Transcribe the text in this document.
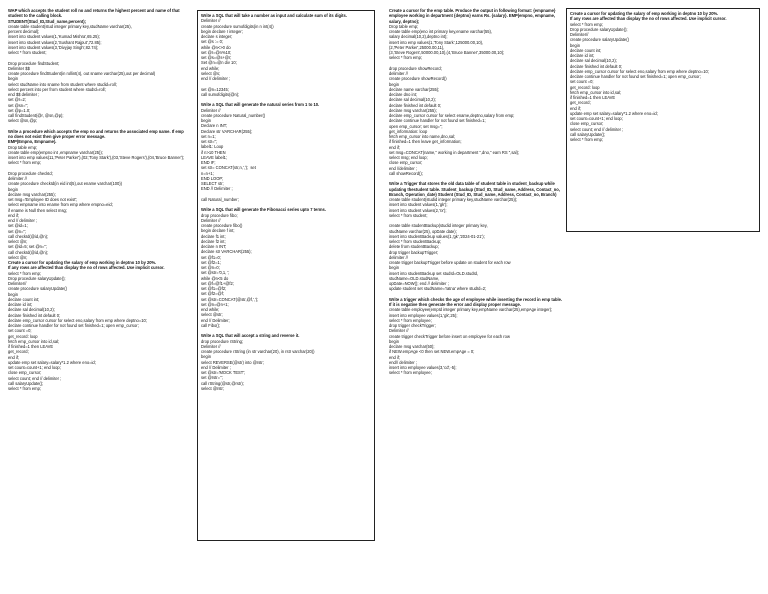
WAP which accepts the student roll no and returns the highest percent and name of that student to the calling block.

STUDENT(Stud_ID,Stud_name,percent);

create table student(stud integer primary key,studName varchar(25),

percent decimal);

insert into student values(1,'Kumad Mishra',65.25);

insert into student values(2,'Sushant Rajput',72.85);

insert into student values(3,'Divyjay Singh',82.74);

select * from student;

Drop procedure findStudent;

Delimiter $$

create procedure findStudent(in rollint(4), out sname varchar(25),out per decimal)

begin

select studName into sname from student where studid=roll;

select percent into per from student where studId=roll;

end $$ delimiter ;

set @r=2;

set @sn='';

set @p=1.0;

call findStudent(@r, @sn,@p);

select @sn,@p;

Write a procedure which accepts the emp no and returns the associated emp name. If emp no does not exist then give proper error message.

EMP(Empno, Empname).

Drop table emp;

create table emp(empno int ,empname varchar(25));

insert into emp values(11,'Peter Parker'),(02,'Tony Stark'),(03,'Steve Rogers'),(04,'Bruce Banner');

select * from emp;

Drop procedure checkId;

delimiter //

create procedure checkId(in eid int(5),out ename varchar(100))

begin

declare msg varchar(255);

set msg='Employee ID does not exist';

select empname into ename from emp where empno=eid;

if ename is Null then select msg;

end if;

end // delimiter ;

set @id=1;

set @n='';

call checkId(@id,@n);

select @n;

set @id=5; set @n='';

call checkId(@id,@n);

select @n;

Create a cursor for updating the salary of emp working in deptno 10 by 20%.

If any rows are affected than display the no of rows affected. Use implicit cursor.

select * from emp;

Drop procedure salaryUpdate();

Delimiter//

create procedure salaryUpdate()

begin

declare count int;

declare id int;

declare sal decimal(10,2);

declare finished int default 0;

declare emp_cursor cursor for select eno,salary from emp where deptno=10;

declare continue handler for not found set finished=1; open emp_cursor;

set count =0;

get_record: loop

fetch emp_cursor into id,sal;

if finished=1 then LEAVE

get_record;

end if;

update emp set salary=salary*1.2 where eno=id;

set count=count+1; end loop;

close emp_cursor;

select count; end // delimiter ;

call salaryUpdate();

select * from emp;

Write a SQL that will take a number as input and calculate sum of its digits.

Delimiter //

create procedure sumofdigits(in n int(4))

begin declare r integer;

declare s integer;

set @s := 0;

while @n<>0 do

set @r=@n%10;

set @s=@s+@r;

Set @n=@n div 10;

end while;

select @s;

end // delimiter ;

set @n=12345;

call sumofdigits(@n);

Write a SQL that will generate the natural series from 1 to 10.

Delimiter //

create procedure Natural_number()

begin

Declare n INT;

Declare str VARCHAR(255);

set n=1;

set str='';

label1: Loop

if n>10 THEN

LEAVE label1;

END IF;

set str= CONCAT(str,n,',');  set

n=n+1;

END LOOP;

SELECT str;

END // Delimiter ;

call Natural_number;

Write a SQL that will generate the Fibonacci series upto 7 terms.

drop procedure fibo;

Delimiter //

create procedure fibo()

begin declare f int;

declare f1 int;

declare f2 int;

declare n INT;

declare str VARCHAR(255);

set @f1=0;

set @f2=1;

set @n=0;

set @str='0,1, ';

while @n<5 do

set @f=@f1+@f2;

set @f1=@f2;

set @f2=@f;

set @str=CONCAT(@str,@f,',');

set @n=@n+1;

end while;

select @str;

end // Delimiter;

call Fibo();

Write a SQL that will accept a string and reverse it.

drop procedure rString;

Delimiter //

create procedure rString (in str varchar(20), in rstr varchar(20))

begin

select REVERSE(@str) into @rstr;

end // Delimiter ;

set @str='MOCK TEST';

set @rstr='';

call rString(@str,@rstr);

select @rstr;

Create a cursor for the emp table. Produce the output in following format: {empname} employee working in department {deptno} earns Rs. {salary}. EMP(empno, empname, salary, deptno);

Drop table emp;

create table emp(eno int primary key,ename varchar(55),

salary decimal(10,2),deptno int);

insert into emp values(1,'Tony Stark',125000.00,10),

(2,'Peter Parker',25000.00,11),

(3,'Steve Rogers',50000.00,10),(4,'Bruce Banner',35000.00,10);

select * from emp;

drop procedure showRecord;

delimiter //

create procedure showRecord()

begin

declare name varchar(255);

declare dno int;

declare sal decimal(10,2);

declare finished int default 0;

declare msg varchar(255);

declare emp_cursor cursor for select ename,deptno,salary from emp;

declare continue handler for not found set finished=1;

open emp_cursor; set msg='';

get_information: loop

fetch emp_cursor into name,dno,sal;

if finished=1 then leave get_information;

end if;

set msg=CONCAT(name," working in department ",dno," earn RS ",sal);

select msg; end loop;

close emp_cursor;

end //delimiter ;

call showRecord();

Write a Trigger that stores the old data table of student table in student_backup while updating thestudent table. Student_backup (Stud_ID, Stud_name, Address, Contact_no, Branch, Operation_date) Student (Stud_ID, Stud_name, Address, Contact_no, Branch)

create table student(studid integer primary key,studName varchar(25));

insert into student values(1,'gk');

insert into student values(2,'rx');

select * from student;

create table studentBackup(studid integer primary key,

studName varchar(25), opDate date);

insert into studentBackup values(1,'gk','2024-01-21');

select * from studentBackup;

delete from studentBackup;

drop trigger backupTrigger;

delimiter //

create trigger backupTrigger before update on student for each row

begin

insert into studentBackup set studId=OLD.studId,

studName=OLD.studName,

opDate=NOW(); end // delimiter ;

update student set studName='ratna' where studId=2;

Write a trigger which checks the age of employee while inserting the record in emp table. If it is negative then generate the error and display proper message.

create table employee(empId integer primary key,empName varchar(25),empAge integer);

insert into employee values(1,'gk',25);

select * from employee;

drop trigger checkTrigger;

Delimiter //

create trigger checkTrigger before insert on employee for each row

begin

declare msg varchar(50);

if NEW.empAge <0 then set NEW.empAge = 0;

end if;

end// delimiter ;

insert into employee values(3,'cd',-5);

select * from employee;

Create a cursor for updating the salary of emp working in deptno 10 by 20%.

If any rows are affected than display the no of rows affected. Use implicit cursor.

select * from emp;

Drop procedure salaryUpdate();

Delimiter//

create procedure salaryUpdate()

begin

declare count int;

declare id int;

declare sal decimal(10,2);

declare finished int default 0;

declare emp_cursor cursor for select eno,salary from emp where deptno=10;

declare continue handler for not found set finished=1; open emp_cursor;

set count =0;

get_record: loop

fetch emp_cursor into id,sal;

if finished=1 then LEAVE

get_record;

end if;

update emp set salary=salary*1.2 where eno=id;

set count=count+1; end loop;

close emp_cursor;

select count; end // delimiter ;

call salaryUpdate();

select * from emp;
